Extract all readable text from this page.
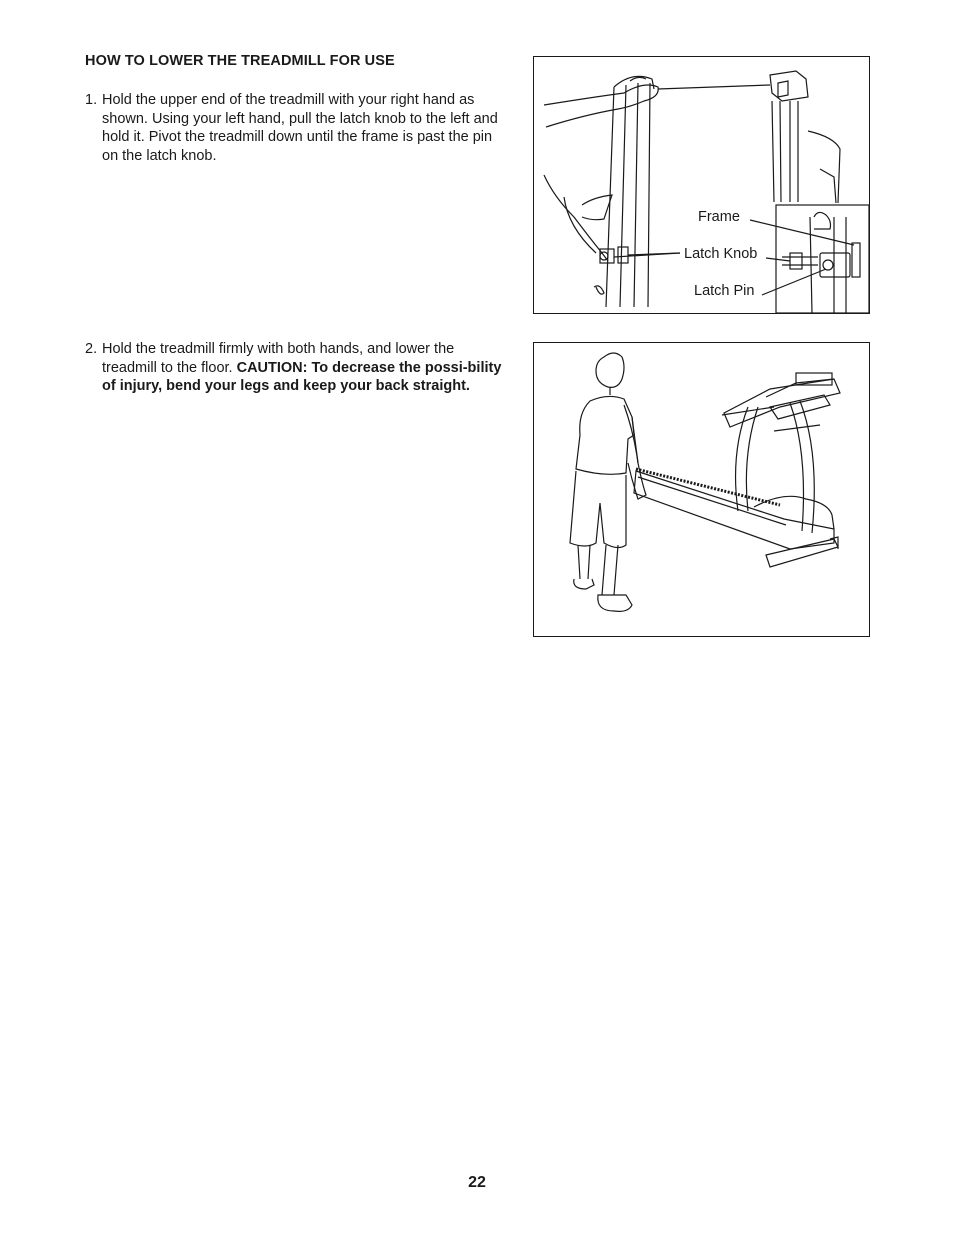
HOW TO LOWER THE TREADMILL FOR USE
1. Hold the upper end of the treadmill with your right hand as shown. Using your left hand, pull the latch knob to the left and hold it. Pivot the treadmill down until the frame is past the pin on the latch knob.
2. Hold the treadmill firmly with both hands, and lower the treadmill to the floor. CAUTION: To decrease the possi-bility of injury, bend your legs and keep your back straight.
Frame
Latch Knob
Latch Pin
22
